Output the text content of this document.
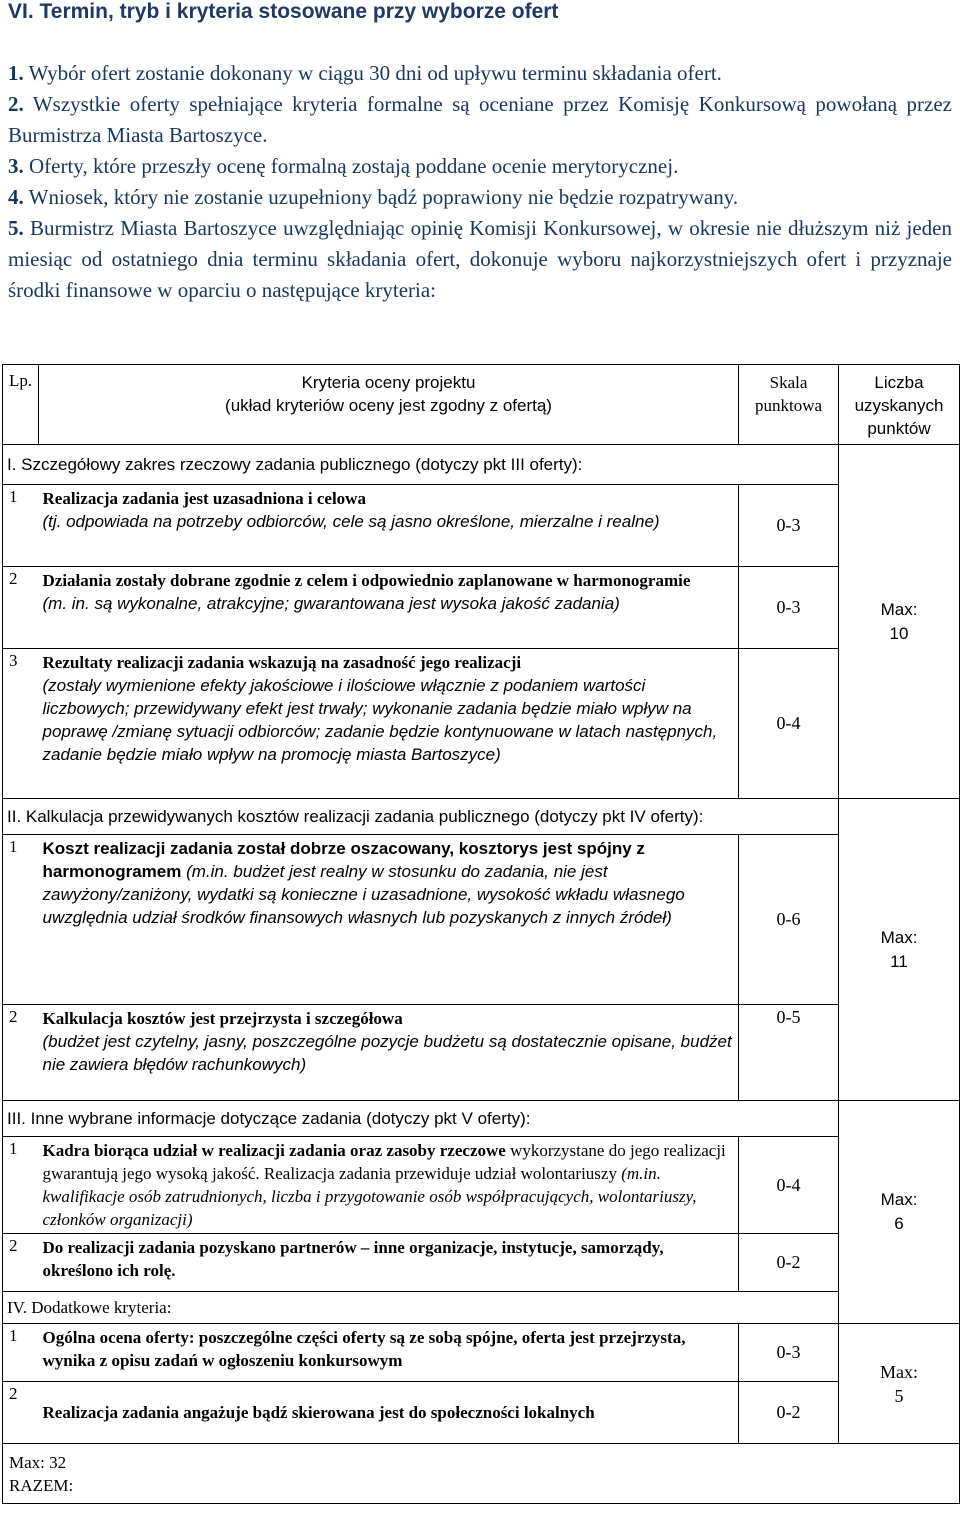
VI. Termin, tryb i kryteria stosowane przy wyborze ofert

1. Wybór ofert zostanie dokonany w ciągu 30 dni od upływu terminu składania ofert.

2. Wszystkie oferty spełniające kryteria formalne są oceniane przez Komisję Konkursową powołaną przez Burmistrza Miasta Bartoszyce.

3. Oferty, które przeszły ocenę formalną zostają poddane ocenie merytorycznej.

4. Wniosek, który nie zostanie uzupełniony bądź poprawiony nie będzie rozpatrywany.

5. Burmistrz Miasta Bartoszyce uwzględniając opinię Komisji Konkursowej, w okresie nie dłuższym niż jeden miesiąc od ostatniego dnia terminu składania ofert, dokonuje wyboru najkorzystniejszych ofert i przyznaje środki finansowe w oparciu o następujące kryteria:

Lp.	Kryteria oceny projektu
(układ kryteriów oceny jest zgodny z ofertą)	Skala punktowa	Liczba uzyskanych punktów
I. Szczegółowy zakres rzeczowy zadania publicznego (dotyczy pkt III oferty):			Max:
10

1	Realizacja zadania jest uzasadniona i celowa
(tj. odpowiada na potrzeby odbiorców, cele są jasno określone, mierzalne i realne)	0-3	
2	Działania zostały dobrane zgodnie z celem i odpowiednio zaplanowane w harmonogramie
(m. in. są wykonalne, atrakcyjne; gwarantowana jest wysoka jakość zadania)	0-3	
3	Rezultaty realizacji zadania wskazują na zasadność jego realizacji
(zostały wymienione efekty jakościowe i ilościowe włącznie z podaniem wartości liczbowych; przewidywany efekt jest trwały; wykonanie zadania będzie miało wpływ na poprawę /zmianę sytuacji odbiorców; zadanie będzie kontynuowane w latach następnych, zadanie będzie miało wpływ na promocję miasta Bartoszyce)	0-4	
II. Kalkulacja przewidywanych kosztów realizacji zadania publicznego (dotyczy pkt IV oferty):			Max:
11

1	Koszt realizacji zadania został dobrze oszacowany, kosztorys jest spójny z harmonogramem (m.in. budżet jest realny w stosunku do zadania, nie jest zawyżony/zaniżony, wydatki są konieczne i uzasadnione, wysokość wkładu własnego uwzględnia udział środków finansowych własnych lub pozyskanych z innych źródeł)	0-6	
2	Kalkulacja kosztów jest przejrzysta i szczegółowa
(budżet jest czytelny, jasny, poszczególne pozycje budżetu są dostatecznie opisane, budżet nie zawiera błędów rachunkowych)	0-5	
III. Inne wybrane informacje dotyczące zadania (dotyczy pkt V oferty):			Max:
6

1	Kadra biorąca udział w realizacji zadania oraz zasoby rzeczowe wykorzystane do jego realizacji gwarantują jego wysoką jakość. Realizacja zadania przewiduje udział wolontariuszy (m.in. kwalifikacje osób zatrudnionych, liczba i przygotowanie osób współpracujących, wolontariuszy, członków organizacji)	0-4	
2	Do realizacji zadania pozyskano partnerów – inne organizacje, instytucje, samorządy, określono ich rolę.	0-2	
IV. Dodatkowe kryteria:			
1	Ogólna ocena oferty: poszczególne części oferty są ze sobą spójne, oferta jest przejrzysta, wynika z opisu zadań w ogłoszeniu konkursowym	0-3	Max:
5

2	Realizacja zadania angażuje bądź skierowana jest do społeczności lokalnych	0-2	

Max: 32
RAZEM:			
